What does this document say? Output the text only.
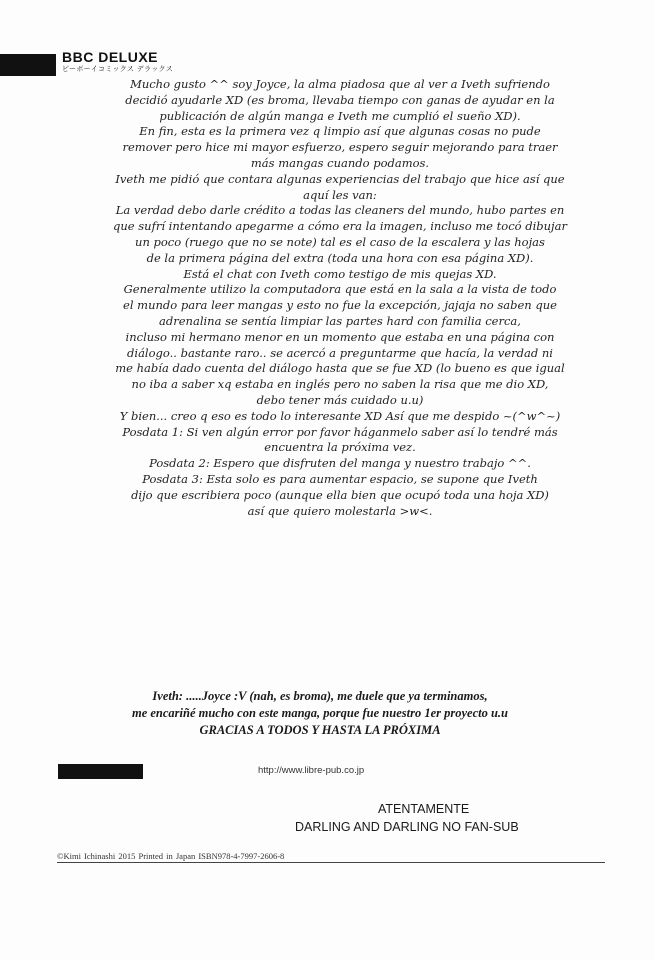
BBC DELUXE
ビーボーイコミックス デラックス

Mucho gusto ^^ soy Joyce, la alma piadosa que al ver a Iveth sufriendo

decidió ayudarle XD (es broma, llevaba tiempo con ganas de ayudar en la

publicación de algún manga e Iveth me cumplió el sueño XD).

En fin, esta es la primera vez q limpio así que algunas cosas no pude

remover pero hice mi mayor esfuerzo, espero seguir mejorando para traer

más mangas cuando podamos.

Iveth me pidió que contara algunas experiencias del trabajo que hice así que

aquí les van:

La verdad debo darle crédito a todas las cleaners del mundo, hubo partes en

que sufrí intentando apegarme a cómo era la imagen, incluso me tocó dibujar

un poco (ruego que no se note) tal es el caso de la escalera y las hojas

de la primera página del extra (toda una hora con esa página XD).

Está el chat con Iveth como testigo de mis quejas XD.

Generalmente utilizo la computadora que está en la sala a la vista de todo

el mundo para leer mangas y esto no fue la excepción, jajaja no saben que

adrenalina se sentía limpiar las partes hard con familia cerca,

incluso mi hermano menor en un momento que estaba en una página con

diálogo.. bastante raro.. se acercó a preguntarme que hacía, la verdad ni

me había dado cuenta del diálogo hasta que se fue XD (lo bueno es que igual

no iba a saber xq estaba en inglés pero no saben la risa que me dio XD,

debo tener más cuidado u.u)

Y bien... creo q eso es todo lo interesante XD Así que me despido ~(^w^~)

Posdata 1: Si ven algún error por favor háganmelo saber así lo tendré más

encuentra la próxima vez.

Posdata 2: Espero que disfruten del manga y nuestro trabajo ^^.

Posdata 3: Esta solo es para aumentar espacio, se supone que Iveth

dijo que escribiera poco (aunque ella bien que ocupó toda una hoja XD)

así que quiero molestarla >w<.

Iveth: .....Joyce :V (nah, es broma), me duele que ya terminamos,

me encariñé mucho con este manga, porque fue nuestro 1er proyecto u.u

GRACIAS A TODOS Y HASTA LA PRÓXIMA

http://www.libre-pub.co.jp
ATENTAMENTE
DARLING AND DARLING NO FAN-SUB
©Kimi Ichinashi 2015 Printed in Japan ISBN978-4-7997-2606-8
